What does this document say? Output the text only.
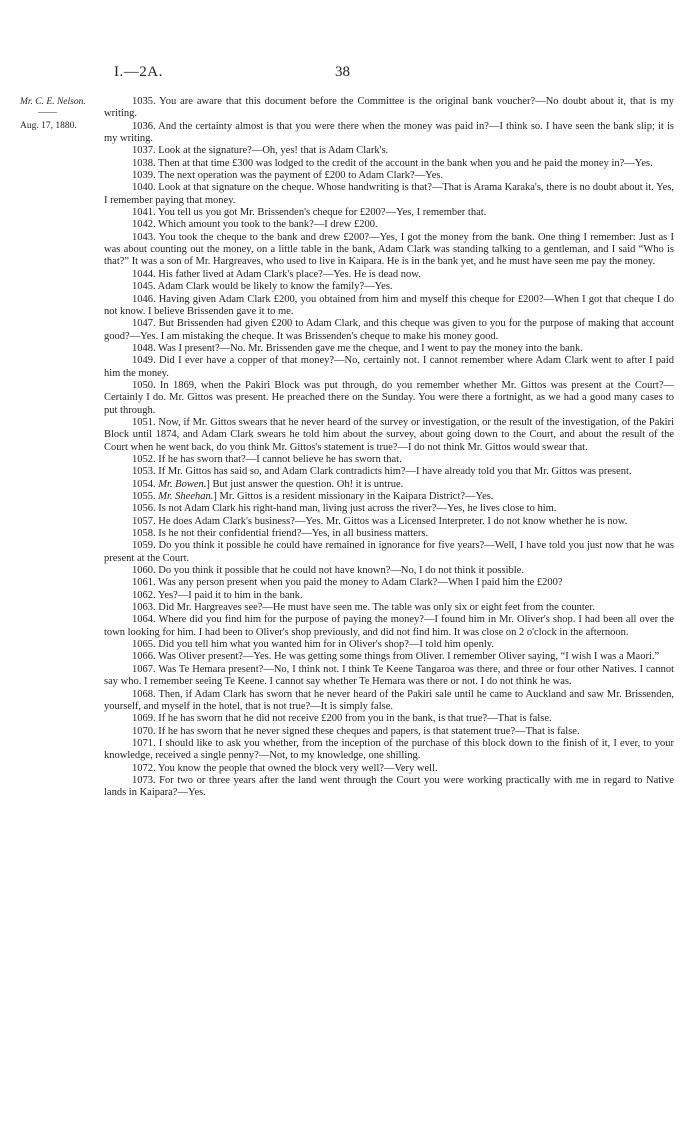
I.—2A.	38
Mr. C. E. Nelson.
——
Aug. 17, 1880.

1035. You are aware that this document before the Committee is the original bank voucher?—No doubt about it, that is my writing.

1036. And the certainty almost is that you were there when the money was paid in?—I think so. I have seen the bank slip; it is my writing.

1037. Look at the signature?—Oh, yes! that is Adam Clark's.

1038. Then at that time £300 was lodged to the credit of the account in the bank when you and he paid the money in?—Yes.

1039. The next operation was the payment of £200 to Adam Clark?—Yes.

1040. Look at that signature on the cheque. Whose handwriting is that?—That is Arama Karaka's, there is no doubt about it. Yes, I remember paying that money.

1041. You tell us you got Mr. Brissenden's cheque for £200?—Yes, I remember that.

1042. Which amount you took to the bank?—I drew £200.

1043. You took the cheque to the bank and drew £200?—Yes, I got the money from the bank. One thing I remember: Just as I was about counting out the money, on a little table in the bank, Adam Clark was standing talking to a gentleman, and I said “Who is that?” It was a son of Mr. Hargreaves, who used to live in Kaipara. He is in the bank yet, and he must have seen me pay the money.

1044. His father lived at Adam Clark's place?—Yes. He is dead now.

1045. Adam Clark would be likely to know the family?—Yes.

1046. Having given Adam Clark £200, you obtained from him and myself this cheque for £200?—When I got that cheque I do not know. I believe Brissenden gave it to me.

1047. But Brissenden had given £200 to Adam Clark, and this cheque was given to you for the purpose of making that account good?—Yes. I am mistaking the cheque. It was Brissenden's cheque to make his money good.

1048. Was I present?—No. Mr. Brissenden gave me the cheque, and I went to pay the money into the bank.

1049. Did I ever have a copper of that money?—No, certainly not. I cannot remember where Adam Clark went to after I paid him the money.

1050. In 1869, when the Pakiri Block was put through, do you remember whether Mr. Gittos was present at the Court?—Certainly I do. Mr. Gittos was present. He preached there on the Sunday. You were there a fortnight, as we had a good many cases to put through.

1051. Now, if Mr. Gittos swears that he never heard of the survey or investigation, or the result of the investigation, of the Pakiri Block until 1874, and Adam Clark swears he told him about the survey, about going down to the Court, and about the result of the Court when he went back, do you think Mr. Gittos's statement is true?—I do not think Mr. Gittos would swear that.

1052. If he has sworn that?—I cannot believe he has sworn that.

1053. If Mr. Gittos has said so, and Adam Clark contradicts him?—I have already told you that Mr. Gittos was present.

1054. Mr. Bowen.] But just answer the question. Oh! it is untrue.

1055. Mr. Sheehan.] Mr. Gittos is a resident missionary in the Kaipara District?—Yes.

1056. Is not Adam Clark his right-hand man, living just across the river?—Yes, he lives close to him.

1057. He does Adam Clark's business?—Yes. Mr. Gittos was a Licensed Interpreter. I do not know whether he is now.

1058. Is he not their confidential friend?—Yes, in all business matters.

1059. Do you think it possible he could have remained in ignorance for five years?—Well, I have told you just now that he was present at the Court.

1060. Do you think it possible that he could not have known?—No, I do not think it possible.

1061. Was any person present when you paid the money to Adam Clark?—When I paid him the £200?

1062. Yes?—I paid it to him in the bank.

1063. Did Mr. Hargreaves see?—He must have seen me. The table was only six or eight feet from the counter.

1064. Where did you find him for the purpose of paying the money?—I found him in Mr. Oliver's shop. I had been all over the town looking for him. I had been to Oliver's shop previously, and did not find him. It was close on 2 o'clock in the afternoon.

1065. Did you tell him what you wanted him for in Oliver's shop?—I told him openly.

1066. Was Oliver present?—Yes. He was getting some things from Oliver. I remember Oliver saying, “I wish I was a Maori.”

1067. Was Te Hemara present?—No, I think not. I think Te Keene Tangaroa was there, and three or four other Natives. I cannot say who. I remember seeing Te Keene. I cannot say whether Te Hemara was there or not. I do not think he was.

1068. Then, if Adam Clark has sworn that he never heard of the Pakiri sale until he came to Auckland and saw Mr. Brissenden, yourself, and myself in the hotel, that is not true?—It is simply false.

1069. If he has sworn that he did not receive £200 from you in the bank, is that true?—That is false.

1070. If he has sworn that he never signed these cheques and papers, is that statement true?—That is false.

1071. I should like to ask you whether, from the inception of the purchase of this block down to the finish of it, I ever, to your knowledge, received a single penny?—Not, to my knowledge, one shilling.

1072. You know the people that owned the block very well?—Very well.

1073. For two or three years after the land went through the Court you were working practically with me in regard to Native lands in Kaipara?—Yes.
